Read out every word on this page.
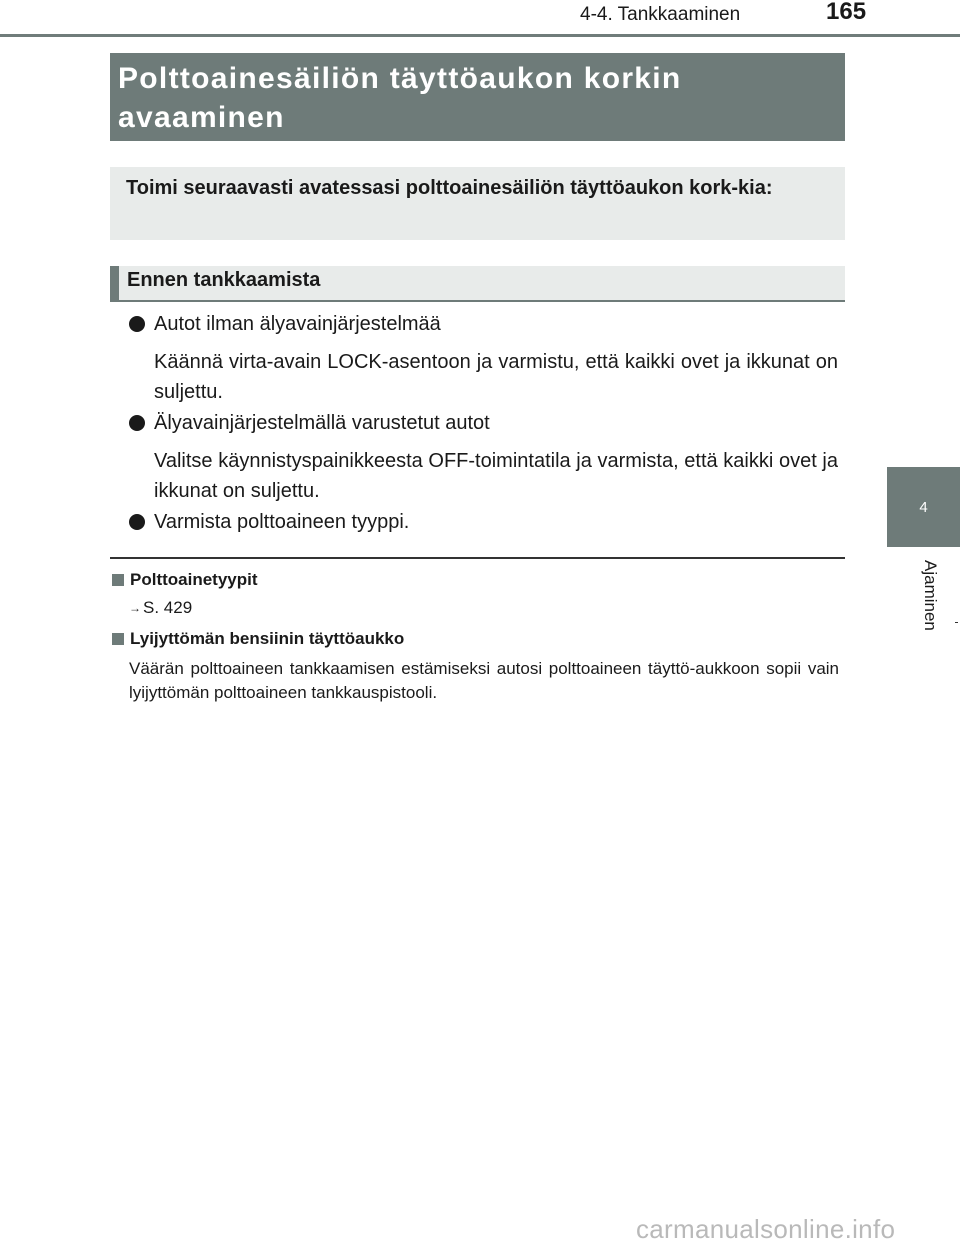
4-4. Tankkaaminen	165
4
Ajaminen
Polttoainesäiliön täyttöaukon korkin avaaminen
Toimi seuraavasti avatessasi polttoainesäiliön täyttöaukon kork-kia:
Ennen tankkaamista
Autot ilman älyavainjärjestelmää
Käännä virta-avain LOCK-asentoon ja varmistu, että kaikki ovet ja ikkunat on suljettu.
Älyavainjärjestelmällä varustetut autot
Valitse käynnistyspainikkeesta OFF-toimintatila ja varmista, että kaikki ovet ja ikkunat on suljettu.
Varmista polttoaineen tyyppi.
Polttoainetyypit
→ S. 429
Lyijyttömän bensiinin täyttöaukko
Väärän polttoaineen tankkaamisen estämiseksi autosi polttoaineen täyttö-aukkoon sopii vain lyijyttömän polttoaineen tankkauspistooli.
carmanualsonline.info
